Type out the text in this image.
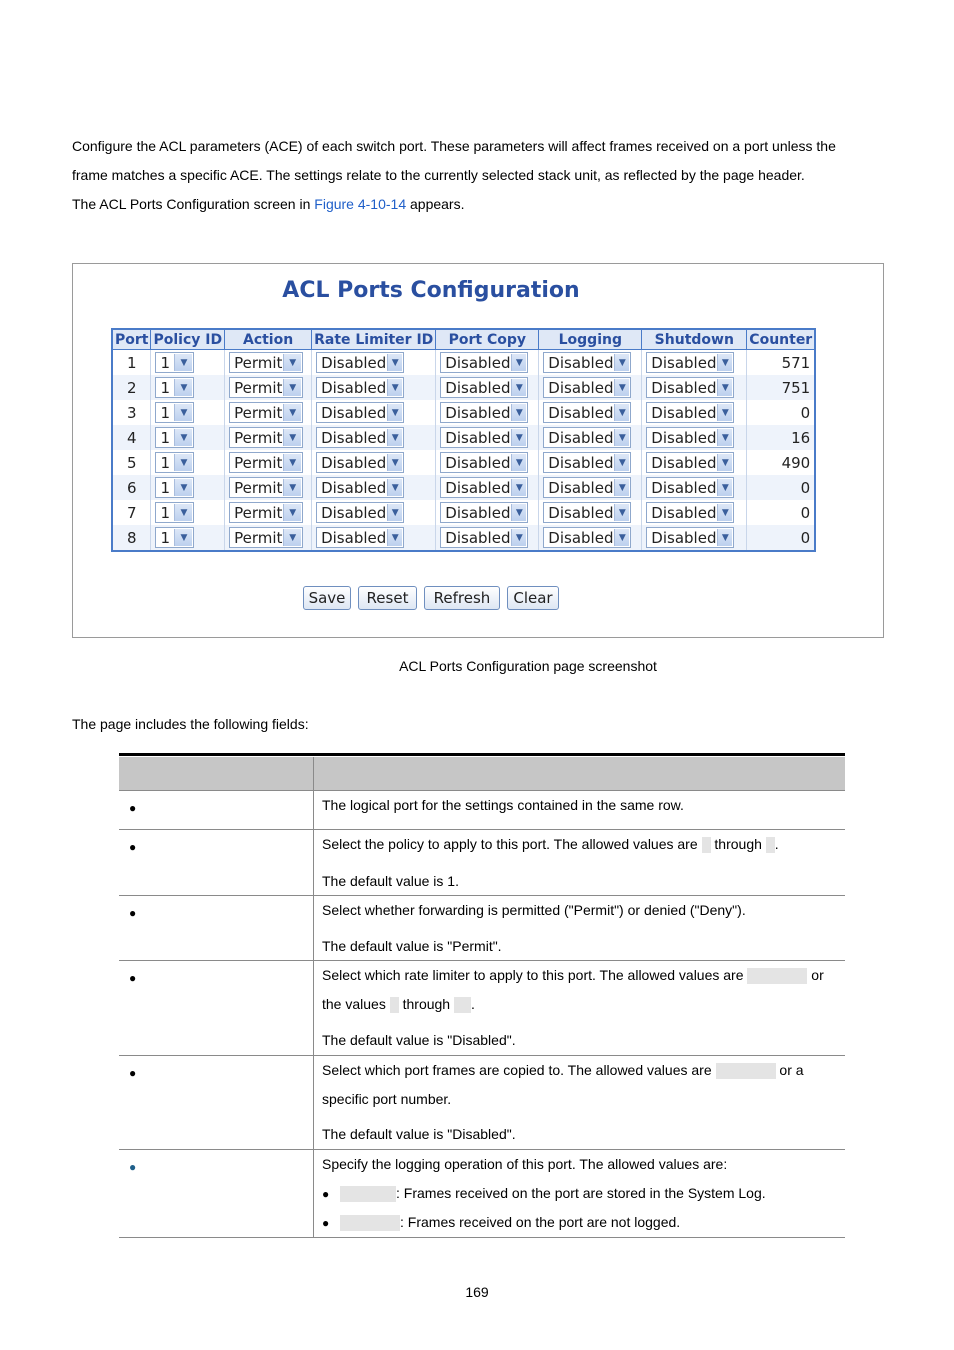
Configure the ACL parameters (ACE) of each switch port. These parameters will affect frames received on a port unless the
frame matches a specific ACE. The settings relate to the currently selected stack unit, as reflected by the page header.
The ACL Ports Configuration screen in Figure 4-10-14 appears.
ACL Ports Configuration
Port	Policy ID	Action	Rate Limiter ID	Port Copy	Logging	Shutdown	Counter
1	1 ▼	Permit ▼	Disabled ▼	Disabled ▼	Disabled ▼	Disabled ▼	571
2	1 ▼	Permit ▼	Disabled ▼	Disabled ▼	Disabled ▼	Disabled ▼	751
3	1 ▼	Permit ▼	Disabled ▼	Disabled ▼	Disabled ▼	Disabled ▼	0
4	1 ▼	Permit ▼	Disabled ▼	Disabled ▼	Disabled ▼	Disabled ▼	16
5	1 ▼	Permit ▼	Disabled ▼	Disabled ▼	Disabled ▼	Disabled ▼	490
6	1 ▼	Permit ▼	Disabled ▼	Disabled ▼	Disabled ▼	Disabled ▼	0
7	1 ▼	Permit ▼	Disabled ▼	Disabled ▼	Disabled ▼	Disabled ▼	0
8	1 ▼	Permit ▼	Disabled ▼	Disabled ▼	Disabled ▼	Disabled ▼	0
Save	Reset	Refresh	Clear
ACL Ports Configuration page screenshot
The page includes the following fields:
●	The logical port for the settings contained in the same row.
●	Select the policy to apply to this port. The allowed values are  through .
The default value is 1.
●	Select whether forwarding is permitted ("Permit") or denied ("Deny").
The default value is "Permit".
●	Select which rate limiter to apply to this port. The allowed values are	or
the values  through .
The default value is "Disabled".
●	Select which port frames are copied to. The allowed values are	or a
specific port number.
The default value is "Disabled".
●	Specify the logging operation of this port. The allowed values are:
●	: Frames received on the port are stored in the System Log.
●	: Frames received on the port are not logged.
169
